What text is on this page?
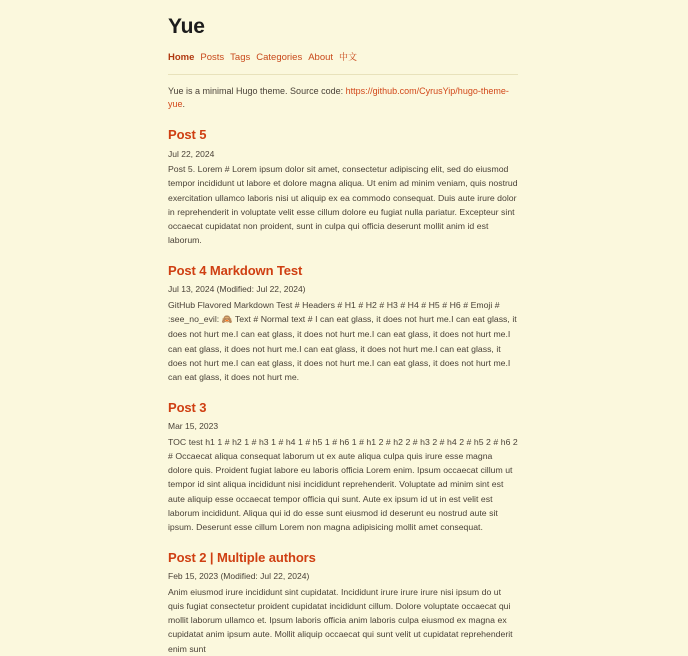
Yue
Home Posts Tags Categories About 中文

Yue is a minimal Hugo theme. Source code: https://github.com/CyrusYip/hugo-theme-yue.

Post 5
Jul 22, 2024
Post 5. Lorem # Lorem ipsum dolor sit amet, consectetur adipiscing elit, sed do eiusmod tempor incididunt ut labore et dolore magna aliqua. Ut enim ad minim veniam, quis nostrud exercitation ullamco laboris nisi ut aliquip ex ea commodo consequat. Duis aute irure dolor in reprehenderit in voluptate velit esse cillum dolore eu fugiat nulla pariatur. Excepteur sint occaecat cupidatat non proident, sunt in culpa qui officia deserunt mollit anim id est laborum.
Post 4 Markdown Test
Jul 13, 2024 (Modified: Jul 22, 2024)
GitHub Flavored Markdown Test # Headers # H1 # H2 # H3 # H4 # H5 # H6 # Emoji # :see_no_evil: 🙈 Text # Normal text # I can eat glass, it does not hurt me.I can eat glass, it does not hurt me.I can eat glass, it does not hurt me.I can eat glass, it does not hurt me.I can eat glass, it does not hurt me.I can eat glass, it does not hurt me.I can eat glass, it does not hurt me.I can eat glass, it does not hurt me.I can eat glass, it does not hurt me.I can eat glass, it does not hurt me.
Post 3
Mar 15, 2023
TOC test h1 1 # h2 1 # h3 1 # h4 1 # h5 1 # h6 1 # h1 2 # h2 2 # h3 2 # h4 2 # h5 2 # h6 2 # Occaecat aliqua consequat laborum ut ex aute aliqua culpa quis irure esse magna dolore quis. Proident fugiat labore eu laboris officia Lorem enim. Ipsum occaecat cillum ut tempor id sint aliqua incididunt nisi incididunt reprehenderit. Voluptate ad minim sint est aute aliquip esse occaecat tempor officia qui sunt. Aute ex ipsum id ut in est velit est laborum incididunt. Aliqua qui id do esse sunt eiusmod id deserunt eu nostrud aute sit ipsum. Deserunt esse cillum Lorem non magna adipisicing mollit amet consequat.
Post 2 | Multiple authors
Feb 15, 2023 (Modified: Jul 22, 2024)
Anim eiusmod irure incididunt sint cupidatat. Incididunt irure irure irure nisi ipsum do ut quis fugiat consectetur proident cupidatat incididunt cillum. Dolore voluptate occaecat qui mollit laborum ullamco et. Ipsum laboris officia anim laboris culpa eiusmod ex magna ex cupidatat anim ipsum aute. Mollit aliquip occaecat qui sunt velit ut cupidatat reprehenderit enim sunt
